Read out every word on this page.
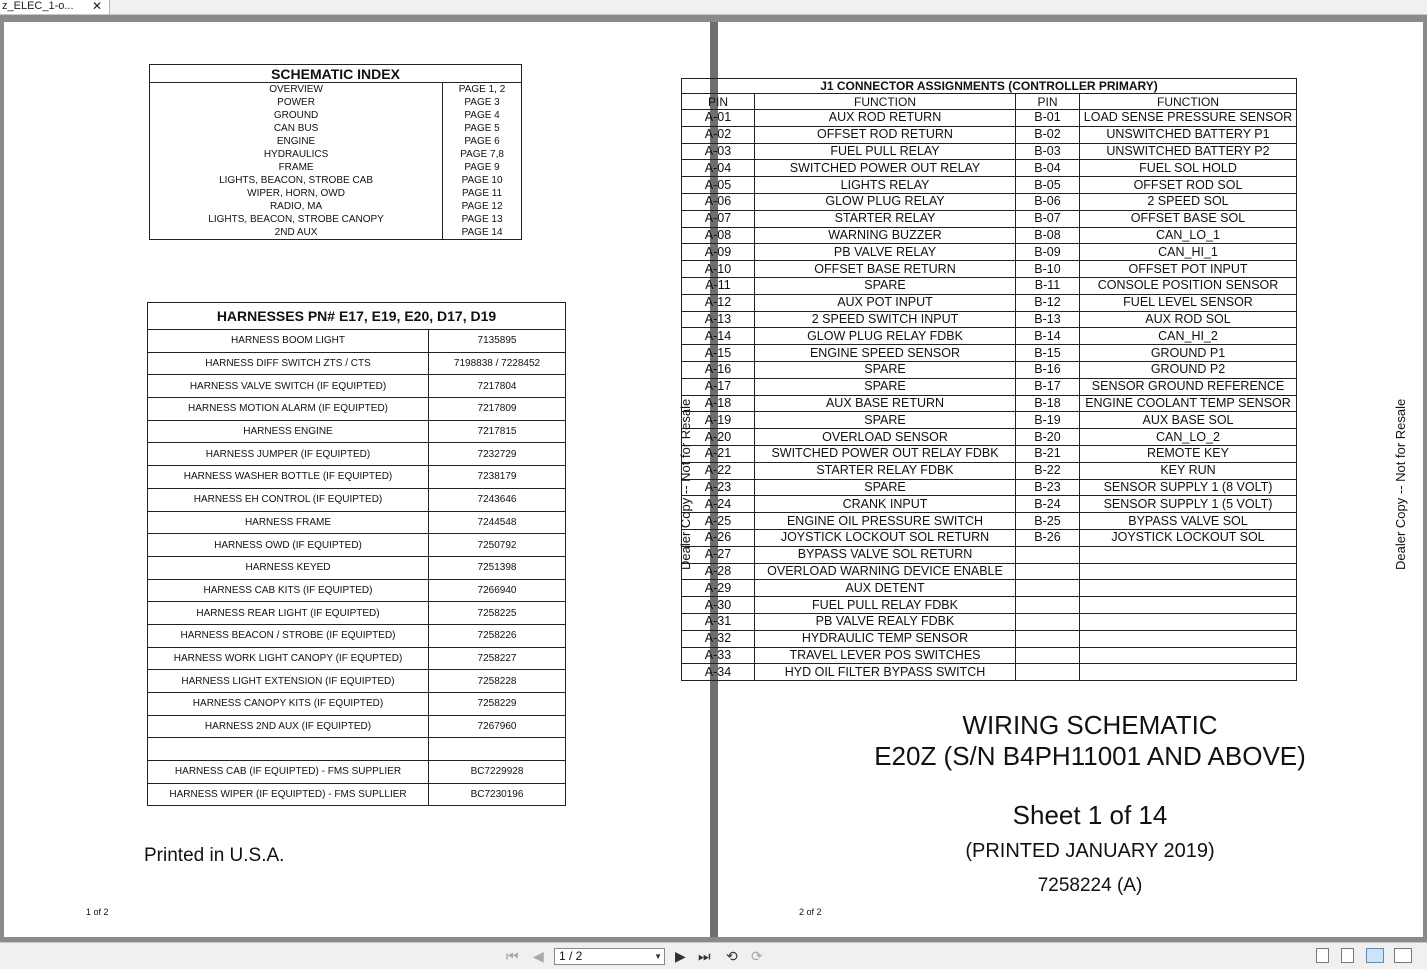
z_ELEC_1-o... ✕
SCHEMATIC INDEX	
OVERVIEW	PAGE 1, 2
POWER	PAGE 3
GROUND	PAGE 4
CAN BUS	PAGE 5
ENGINE	PAGE 6
HYDRAULICS	PAGE 7,8
FRAME	PAGE 9
LIGHTS, BEACON, STROBE CAB	PAGE 10
WIPER, HORN, OWD	PAGE 11
RADIO, MA	PAGE 12
LIGHTS, BEACON, STROBE CANOPY	PAGE 13
2ND AUX	PAGE 14
HARNESSES PN# E17, E19, E20, D17, D19	
HARNESS BOOM LIGHT	7135895
HARNESS DIFF SWITCH ZTS / CTS	7198838 / 7228452
HARNESS VALVE SWITCH (IF EQUIPTED)	7217804
HARNESS MOTION ALARM (IF EQUIPTED)	7217809
HARNESS ENGINE	7217815
HARNESS JUMPER (IF EQUIPTED)	7232729
HARNESS WASHER BOTTLE (IF EQUIPTED)	7238179
HARNESS EH CONTROL (IF EQUIPTED)	7243646
HARNESS FRAME	7244548
HARNESS OWD (IF EQUIPTED)	7250792
HARNESS KEYED	7251398
HARNESS CAB KITS (IF EQUIPTED)	7266940
HARNESS REAR LIGHT (IF EQUIPTED)	7258225
HARNESS BEACON / STROBE (IF EQUIPTED)	7258226
HARNESS WORK LIGHT CANOPY (IF EQUPTED)	7258227
HARNESS LIGHT EXTENSION (IF EQUIPTED)	7258228
HARNESS CANOPY KITS (IF EQUIPTED)	7258229
HARNESS 2ND AUX (IF EQUIPTED)	7267960

HARNESS CAB (IF EQUIPTED) - FMS SUPPLIER	BC7229928
HARNESS WIPER (IF EQUIPTED) - FMS SUPLLIER	BC7230196
Printed in U.S.A.
1 of 2
J1 CONNECTOR ASSIGNMENTS (CONTROLLER PRIMARY)			
PIN	FUNCTION	PIN	FUNCTION
A-01	AUX ROD RETURN	B-01	LOAD SENSE PRESSURE SENSOR
A-02	OFFSET ROD RETURN	B-02	UNSWITCHED BATTERY P1
A-03	FUEL PULL RELAY	B-03	UNSWITCHED BATTERY P2
A-04	SWITCHED POWER OUT RELAY	B-04	FUEL SOL HOLD
A-05	LIGHTS RELAY	B-05	OFFSET ROD SOL
A-06	GLOW PLUG RELAY	B-06	2 SPEED SOL
A-07	STARTER RELAY	B-07	OFFSET BASE SOL
A-08	WARNING BUZZER	B-08	CAN_LO_1
A-09	PB VALVE RELAY	B-09	CAN_HI_1
A-10	OFFSET BASE RETURN	B-10	OFFSET POT INPUT
A-11	SPARE	B-11	CONSOLE POSITION SENSOR
A-12	AUX POT INPUT	B-12	FUEL LEVEL SENSOR
A-13	2 SPEED SWITCH INPUT	B-13	AUX ROD SOL
A-14	GLOW PLUG RELAY FDBK	B-14	CAN_HI_2
A-15	ENGINE SPEED SENSOR	B-15	GROUND P1
A-16	SPARE	B-16	GROUND P2
A-17	SPARE	B-17	SENSOR GROUND REFERENCE
A-18	AUX BASE RETURN	B-18	ENGINE COOLANT TEMP SENSOR
A-19	SPARE	B-19	AUX BASE SOL
A-20	OVERLOAD SENSOR	B-20	CAN_LO_2
A-21	SWITCHED POWER OUT RELAY FDBK	B-21	REMOTE KEY
A-22	STARTER RELAY FDBK	B-22	KEY RUN
A-23	SPARE	B-23	SENSOR SUPPLY 1 (8 VOLT)
A-24	CRANK INPUT	B-24	SENSOR SUPPLY 1 (5 VOLT)
A-25	ENGINE OIL PRESSURE SWITCH	B-25	BYPASS VALVE SOL
A-26	JOYSTICK LOCKOUT SOL RETURN	B-26	JOYSTICK LOCKOUT SOL
A-27	BYPASS VALVE SOL RETURN		
A-28	OVERLOAD WARNING DEVICE ENABLE		
A-29	AUX DETENT		
A-30	FUEL PULL RELAY FDBK		
A-31	PB VALVE REALY FDBK		
A-32	HYDRAULIC TEMP SENSOR		
A-33	TRAVEL LEVER POS SWITCHES		
A-34	HYD OIL FILTER BYPASS SWITCH		
Dealer Copy -- Not for Resale	Dealer Copy -- Not for Resale
WIRING SCHEMATIC
E20Z (S/N B4PH11001 AND ABOVE)
Sheet 1 of 14
(PRINTED JANUARY 2019)
7258224 (A)
2 of 2
⏮ ◀	1 / 2	▼ ▶ ⏭ ⟲ ⟳
